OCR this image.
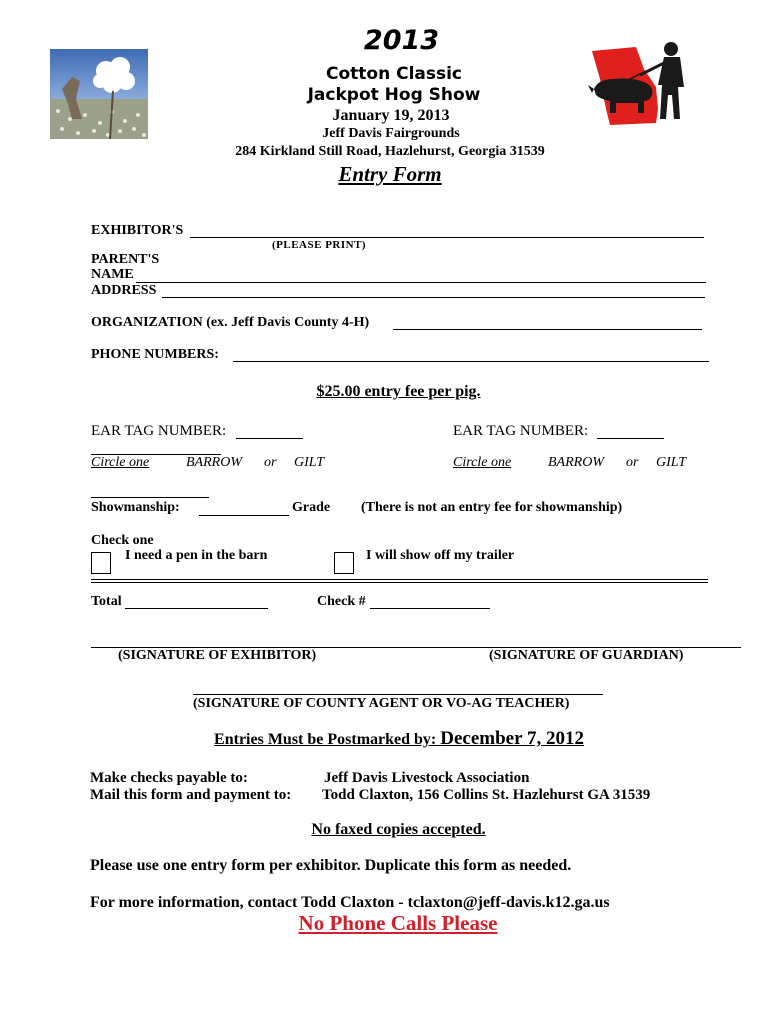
2013
Cotton Classic
Jackpot Hog Show
January 19, 2013
Jeff Davis Fairgrounds
284 Kirkland Still Road, Hazlehurst, Georgia 31539
Entry Form
EXHIBITOR'S
(PLEASE PRINT)
PARENT'S
NAME
ADDRESS
ORGANIZATION (ex. Jeff Davis County 4-H)
PHONE NUMBERS:
$25.00 entry fee per pig.
EAR TAG NUMBER:
Circle one	BARROW or GILT
EAR TAG NUMBER:
Circle one	BARROW or GILT
Showmanship:	Grade (There is not an entry fee for showmanship)
Check one
I need a pen in the barn	I will show off my trailer
Total	Check #
(SIGNATURE OF EXHIBITOR)	(SIGNATURE OF GUARDIAN)
(SIGNATURE OF COUNTY AGENT OR VO-AG TEACHER)
Entries Must be Postmarked by: December 7, 2012
Make checks payable to:	Jeff Davis Livestock Association
Mail this form and payment to: Todd Claxton, 156 Collins St. Hazlehurst GA 31539
No faxed copies accepted.
Please use one entry form per exhibitor. Duplicate this form as needed.
For more information, contact Todd Claxton - tclaxton@jeff-davis.k12.ga.us
No Phone Calls Please
